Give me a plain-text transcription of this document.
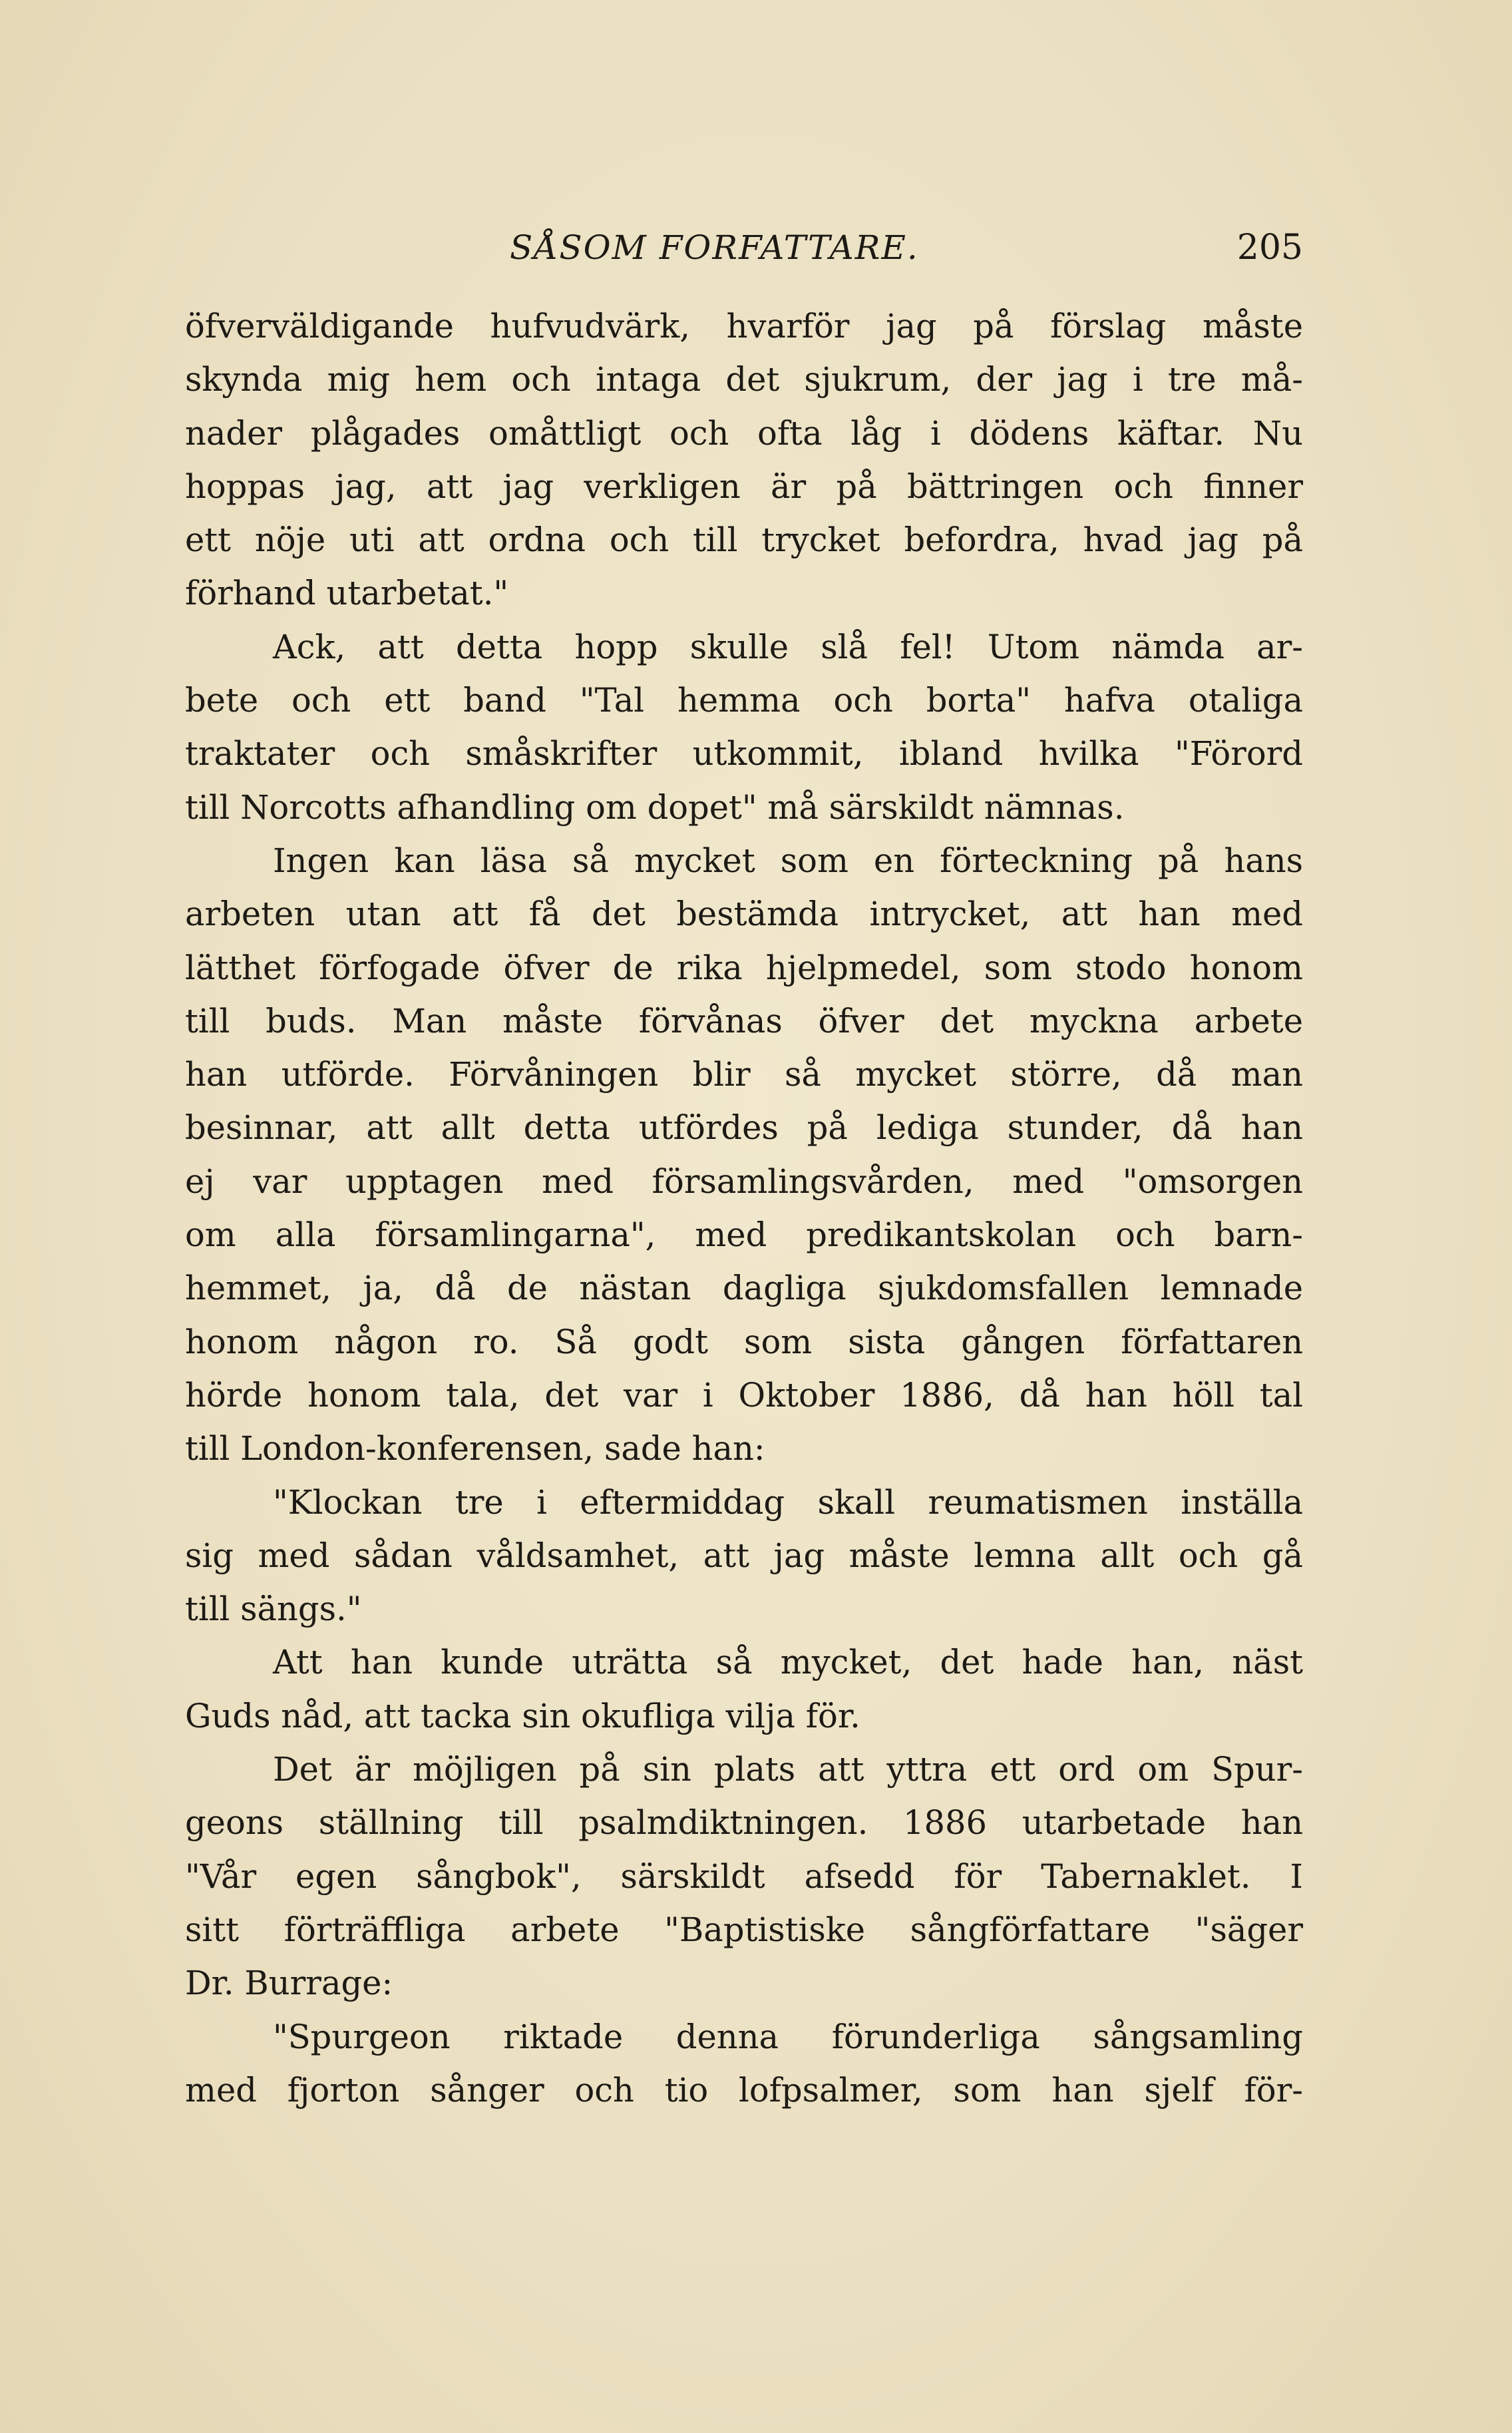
SÅSOM FORFATTARE.	205
öfverväldigande hufvudvärk, hvarför jag på förslag måste
skynda mig hem och intaga det sjukrum, der jag i tre må-
nader plågades omåttligt och ofta låg i dödens käftar. Nu
hoppas jag, att jag verkligen är på bättringen och finner
ett nöje uti att ordna och till trycket befordra, hvad jag på
förhand utarbetat."
Ack, att detta hopp skulle slå fel! Utom nämda ar-
bete och ett band "Tal hemma och borta" hafva otaliga
traktater och småskrifter utkommit, ibland hvilka "Förord
till Norcotts afhandling om dopet" må särskildt nämnas.
Ingen kan läsa så mycket som en förteckning på hans
arbeten utan att få det bestämda intrycket, att han med
lätthet förfogade öfver de rika hjelpmedel, som stodo honom
till buds. Man måste förvånas öfver det myckna arbete
han utförde. Förvåningen blir så mycket större, då man
besinnar, att allt detta utfördes på lediga stunder, då han
ej var upptagen med församlingsvården, med "omsorgen
om alla församlingarna", med predikantskolan och barn-
hemmet, ja, då de nästan dagliga sjukdomsfallen lemnade
honom någon ro. Så godt som sista gången författaren
hörde honom tala, det var i Oktober 1886, då han höll tal
till London-konferensen, sade han:
"Klockan tre i eftermiddag skall reumatismen inställa
sig med sådan våldsamhet, att jag måste lemna allt och gå
till sängs."
Att han kunde uträtta så mycket, det hade han, näst
Guds nåd, att tacka sin okufliga vilja för.
Det är möjligen på sin plats att yttra ett ord om Spur-
geons ställning till psalmdiktningen. 1886 utarbetade han
"Vår egen sångbok", särskildt afsedd för Tabernaklet. I
sitt förträffliga arbete "Baptistiske sångförfattare "säger
Dr. Burrage:
"Spurgeon riktade denna förunderliga sångsamling
med fjorton sånger och tio lofpsalmer, som han sjelf för-
